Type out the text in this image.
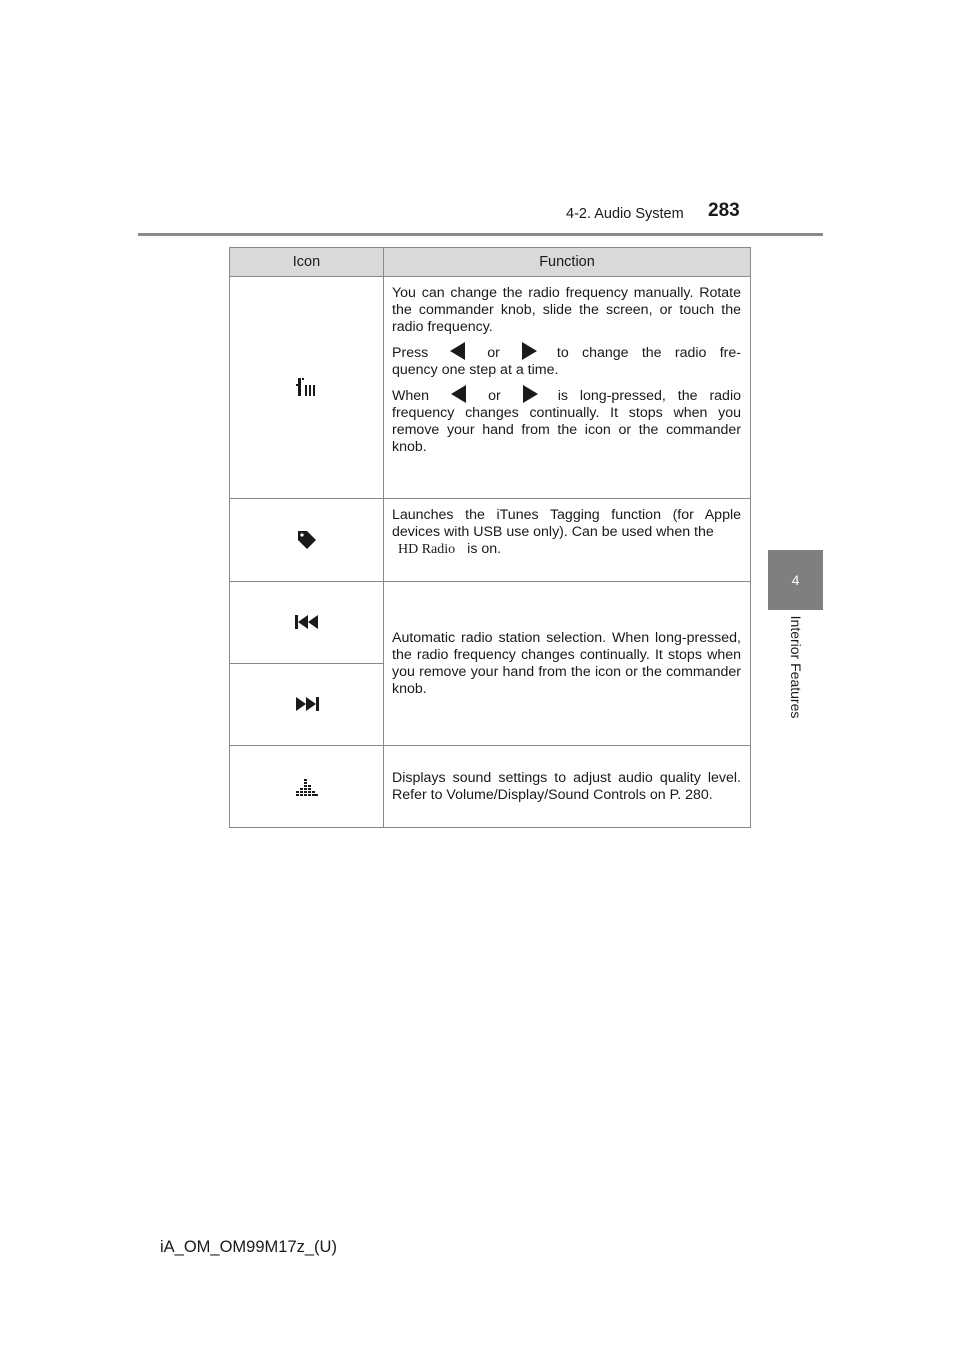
4-2. Audio System 283
4
Interior Features
Icon	Function

You can change the radio frequency manually. Rotate the commander knob, slide the screen, or touch the radio frequency.

Press or to change the radio fre-quency one step at a time.

When or is long-pressed, the radio frequency changes continually. It stops when you remove your hand from the icon or the commander knob.

Launches the iTunes Tagging function (for Apple devices with USB use only). Can be used when the
HD Radio is on.

Automatic radio station selection. When long-pressed, the radio frequency changes continually. It stops when you remove your hand from the icon or the commander knob.

Displays sound settings to adjust audio quality level. Refer to Volume/Display/Sound Controls on P. 280.

iA_OM_OM99M17z_(U)
